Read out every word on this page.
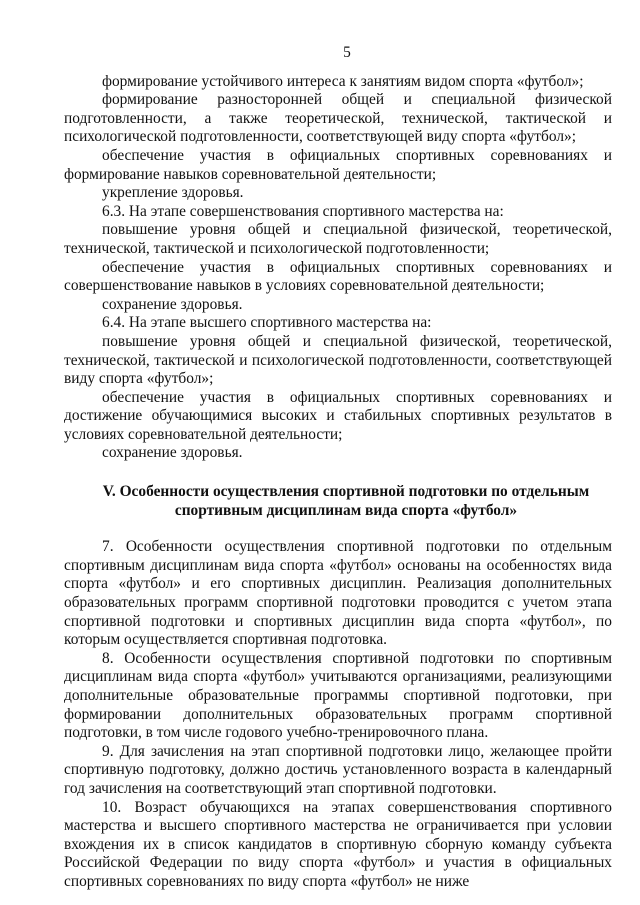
5

формирование устойчивого интереса к занятиям видом спорта «футбол»;

формирование разносторонней общей и специальной физической подготовленности, а также теоретической, технической, тактической и психологической подготовленности, соответствующей виду спорта «футбол»;

обеспечение участия в официальных спортивных соревнованиях и формирование навыков соревновательной деятельности;

укрепление здоровья.

6.3. На этапе совершенствования спортивного мастерства на:

повышение уровня общей и специальной физической, теоретической, технической, тактической и психологической подготовленности;

обеспечение участия в официальных спортивных соревнованиях и совершенствование навыков в условиях соревновательной деятельности;

сохранение здоровья.

6.4. На этапе высшего спортивного мастерства на:

повышение уровня общей и специальной физической, теоретической, технической, тактической и психологической подготовленности, соответствующей виду спорта «футбол»;

обеспечение участия в официальных спортивных соревнованиях и достижение обучающимися высоких и стабильных спортивных результатов в условиях соревновательной деятельности;

сохранение здоровья.

V. Особенности осуществления спортивной подготовки по отдельным спортивным дисциплинам вида спорта «футбол»

7. Особенности осуществления спортивной подготовки по отдельным спортивным дисциплинам вида спорта «футбол» основаны на особенностях вида спорта «футбол» и его спортивных дисциплин. Реализация дополнительных образовательных программ спортивной подготовки проводится с учетом этапа спортивной подготовки и спортивных дисциплин вида спорта «футбол», по которым осуществляется спортивная подготовка.

8. Особенности осуществления спортивной подготовки по спортивным дисциплинам вида спорта «футбол» учитываются организациями, реализующими дополнительные образовательные программы спортивной подготовки, при формировании дополнительных образовательных программ спортивной подготовки, в том числе годового учебно-тренировочного плана.

9. Для зачисления на этап спортивной подготовки лицо, желающее пройти спортивную подготовку, должно достичь установленного возраста в календарный год зачисления на соответствующий этап спортивной подготовки.

10. Возраст обучающихся на этапах совершенствования спортивного мастерства и высшего спортивного мастерства не ограничивается при условии вхождения их в список кандидатов в спортивную сборную команду субъекта Российской Федерации по виду спорта «футбол» и участия в официальных спортивных соревнованиях по виду спорта «футбол» не ниже
